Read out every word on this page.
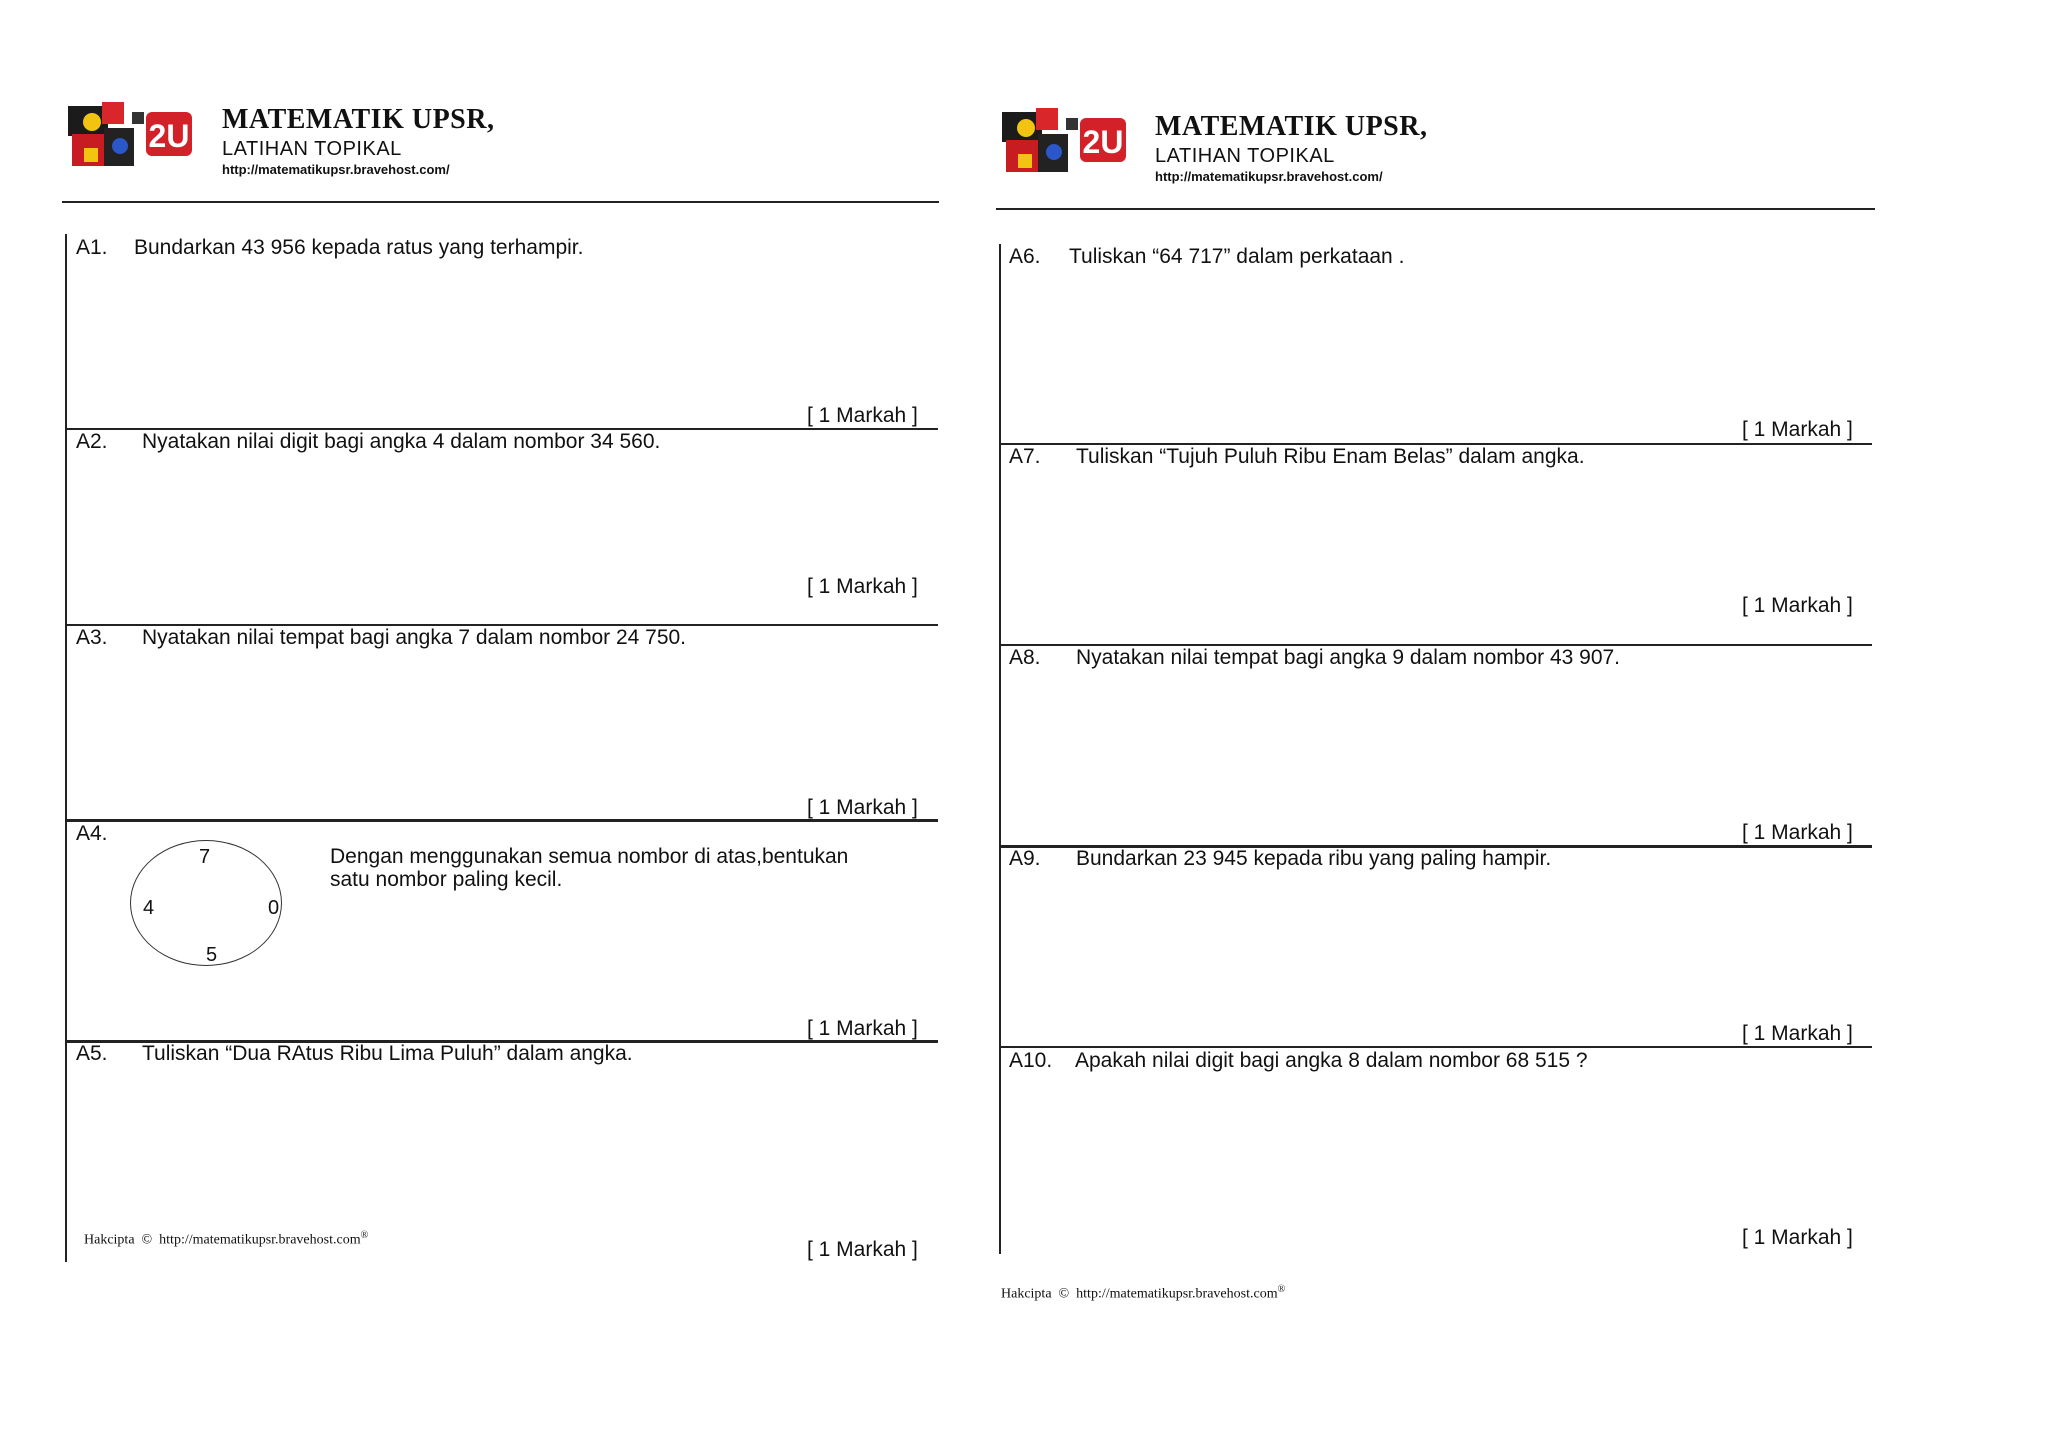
2U MATEMATIK UPSR,
LATIHAN TOPIKAL
http://matematikupsr.bravehost.com/
A1. Bundarkan 43 956 kepada ratus yang terhampir.
[ 1 Markah ]
A2. Nyatakan nilai digit bagi angka 4 dalam nombor 34 560.
[ 1 Markah ]
A3. Nyatakan nilai tempat bagi angka 7 dalam nombor 24 750.
[ 1 Markah ]
A4.
7
4	0
5
Dengan menggunakan semua nombor di atas,bentukan
satu nombor paling kecil.
[ 1 Markah ]
A5. Tuliskan “Dua RAtus Ribu Lima Puluh” dalam angka.
[ 1 Markah ]
Hakcipta © http://matematikupsr.bravehost.com®
2U MATEMATIK UPSR,
LATIHAN TOPIKAL
http://matematikupsr.bravehost.com/
A6. Tuliskan “64 717” dalam perkataan .
[ 1 Markah ]
A7. Tuliskan “Tujuh Puluh Ribu Enam Belas” dalam angka.
[ 1 Markah ]
A8. Nyatakan nilai tempat bagi angka 9 dalam nombor 43 907.
[ 1 Markah ]
A9. Bundarkan 23 945 kepada ribu yang paling hampir.
[ 1 Markah ]
A10. Apakah nilai digit bagi angka 8 dalam nombor 68 515 ?
[ 1 Markah ]
Hakcipta © http://matematikupsr.bravehost.com®
